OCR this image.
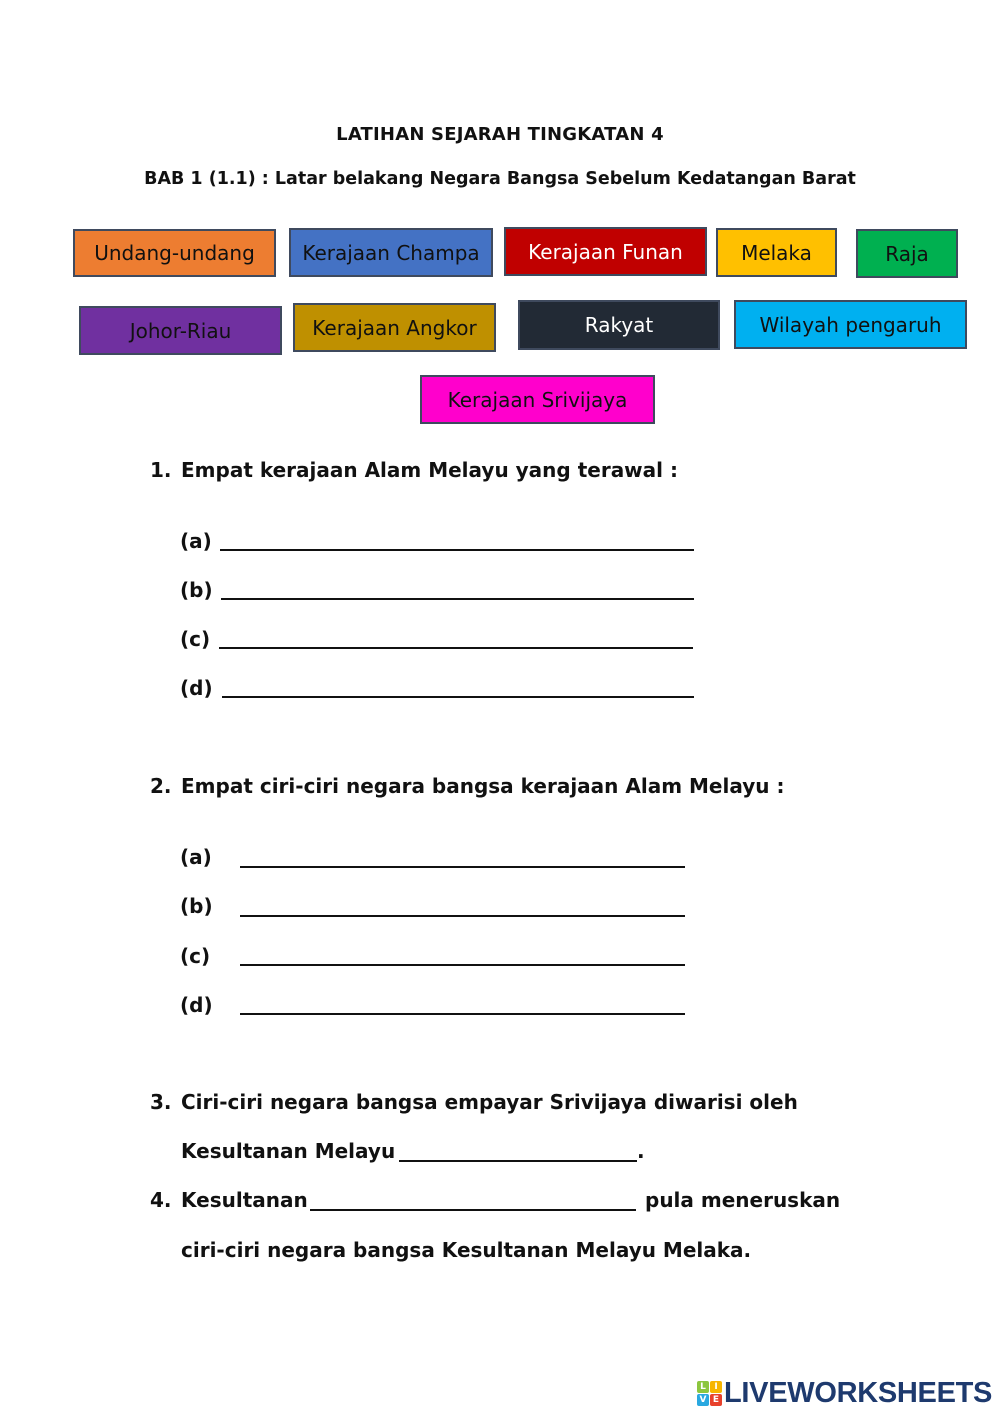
LATIHAN SEJARAH TINGKATAN 4
BAB 1 (1.1) : Latar belakang Negara Bangsa Sebelum Kedatangan Barat
Undang-undang Kerajaan Champa Kerajaan Funan	Melaka	Raja
Johor-Riau	Kerajaan Angkor	Rakyat	Wilayah pengaruh
Kerajaan Srivijaya
1. Empat kerajaan Alam Melayu yang terawal :
(a)
(b)
(c)
(d)
2. Empat ciri-ciri negara bangsa kerajaan Alam Melayu :
(a)
(b)
(c)
(d)
3. Ciri-ciri negara bangsa empayar Srivijaya diwarisi oleh
Kesultanan Melayu	.
4. Kesultanan	pula meneruskan
ciri-ciri negara bangsa Kesultanan Melayu Melaka.
L I
V E LIVEWORKSHEETS
